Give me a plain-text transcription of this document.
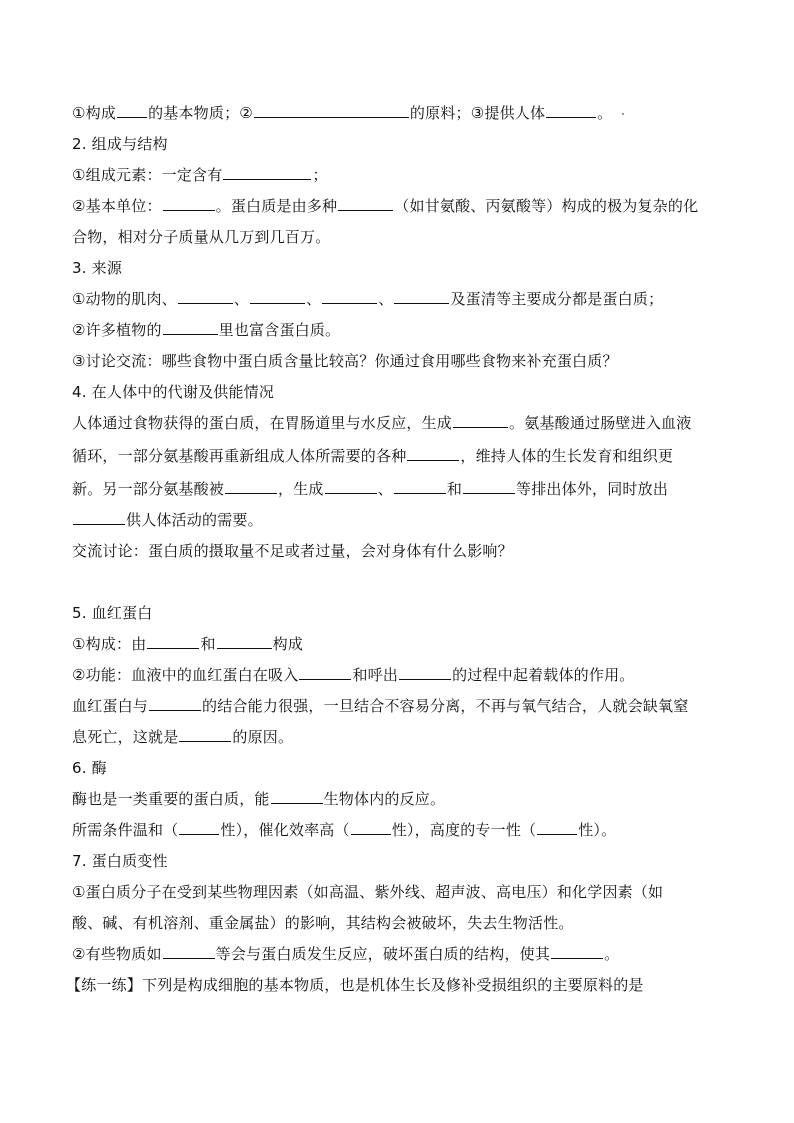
①构成 的基本物质；②	的原料；③提供人体	。
2. 组成与结构
①组成元素：一定含有	；
②基本单位：	。蛋白质是由多种	（如甘氨酸、丙氨酸等）构成的极为复杂的化
合物，相对分子质量从几万到几百万。
3. 来源
①动物的肌肉、	、	、	、	及蛋清等主要成分都是蛋白质；
②许多植物的	里也富含蛋白质。
③讨论交流：哪些食物中蛋白质含量比较高？你通过食用哪些食物来补充蛋白质？
4. 在人体中的代谢及供能情况
人体通过食物获得的蛋白质，在胃肠道里与水反应，生成	。氨基酸通过肠壁进入血液
循环，一部分氨基酸再重新组成人体所需要的各种	，维持人体的生长发育和组织更
新。另一部分氨基酸被	，生成	、	和	等排出体外，同时放出
供人体活动的需要。
交流讨论：蛋白质的摄取量不足或者过量，会对身体有什么影响？
5. 血红蛋白
①构成：由	和	构成
②功能：血液中的血红蛋白在吸入	和呼出	的过程中起着载体的作用。
血红蛋白与	的结合能力很强，一旦结合不容易分离，不再与氧气结合，人就会缺氧窒
息死亡，这就是	的原因。
6. 酶
酶也是一类重要的蛋白质，能	生物体内的反应。
所需条件温和（	性），催化效率高（	性），高度的专一性（	性）。
7. 蛋白质变性
①蛋白质分子在受到某些物理因素（如高温、紫外线、超声波、高电压）和化学因素（如
酸、碱、有机溶剂、重金属盐）的影响，其结构会被破坏，失去生物活性。
②有些物质如	等会与蛋白质发生反应，破坏蛋白质的结构，使其	。
【练一练】下列是构成细胞的基本物质，也是机体生长及修补受损组织的主要原料的是
